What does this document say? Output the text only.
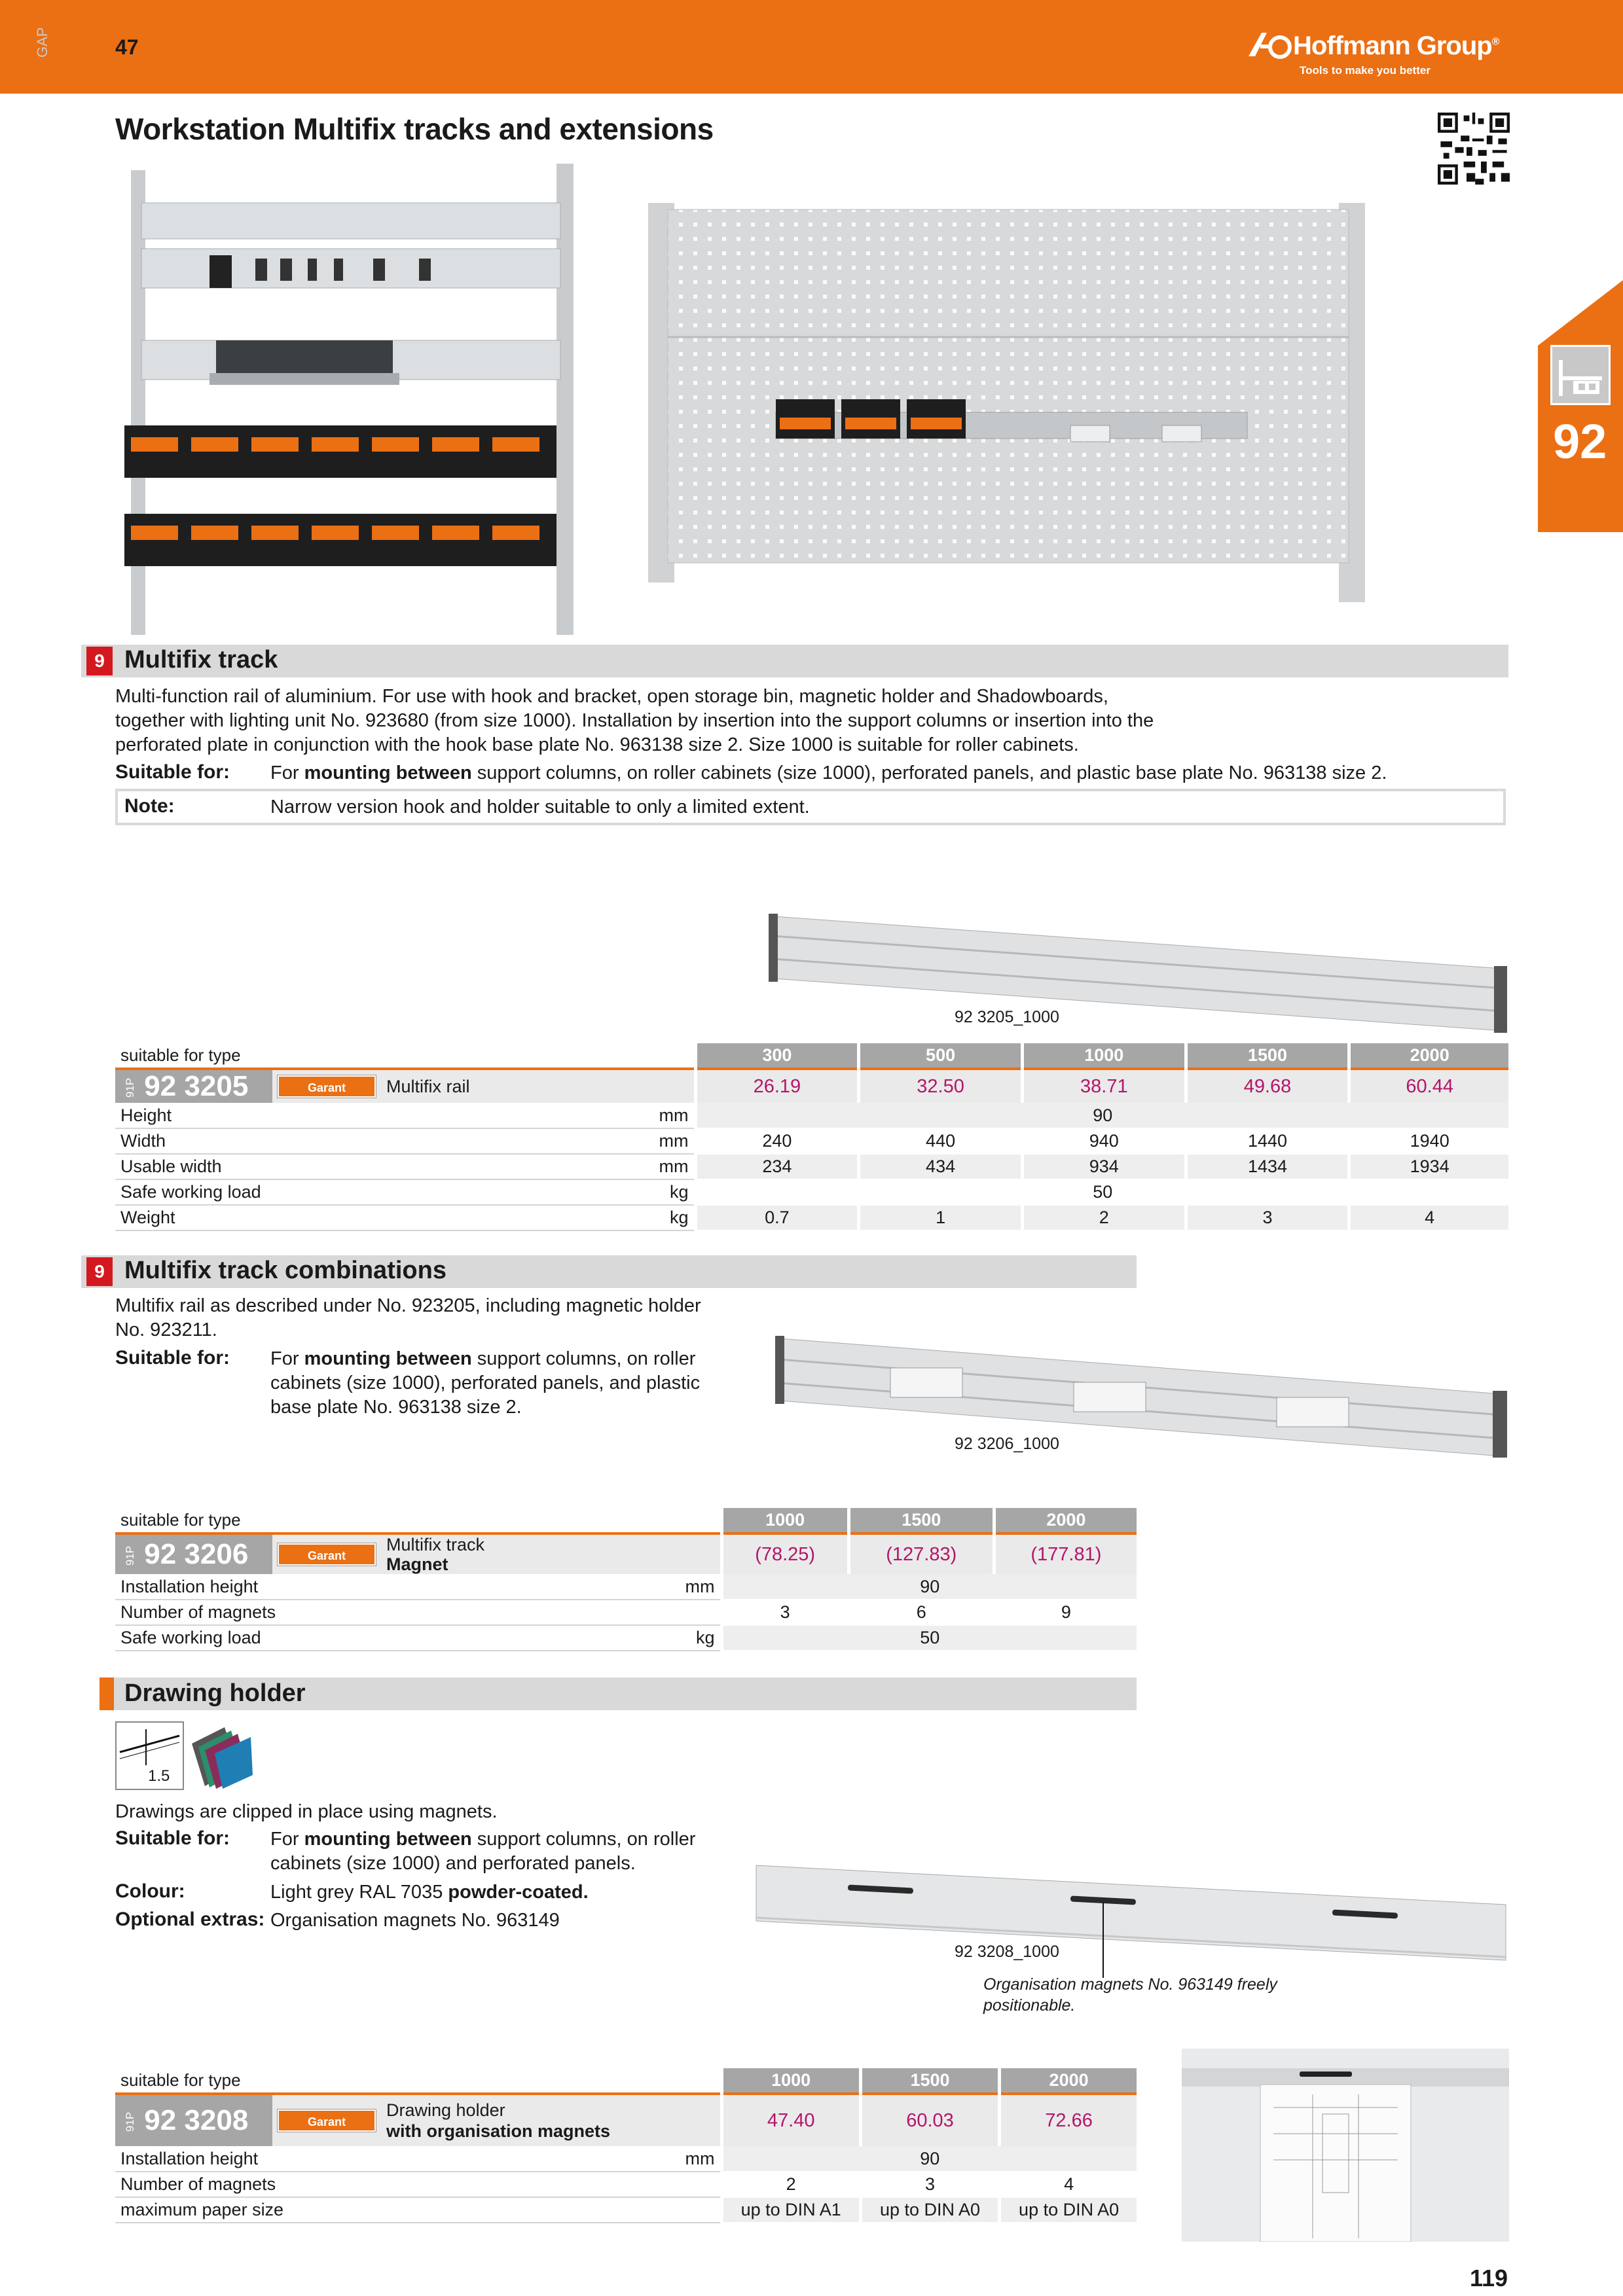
GAP	47	Hoffmann Group®
Tools to make you better
Workstation Multifix tracks and extensions
92
9 Multifix track
Multi-function rail of aluminium. For use with hook and bracket, open storage bin, magnetic holder and Shadowboards,
together with lighting unit No. 923680 (from size 1000). Installation by insertion into the support columns or insertion into the
perforated plate in conjunction with the hook base plate No. 963138 size 2. Size 1000 is suitable for roller cabinets.
Suitable for: For mounting between support columns, on roller cabinets (size 1000), perforated panels, and plastic base plate No. 963138 size 2.
Note:	Narrow version hook and holder suitable to only a limited extent.
92 3205_1000
suitable for type				300	500	1000	1500	2000
91P 92 3205	Garant	Multifix rail		26.19	32.50	38.71	49.68	60.44
Height			mm	90				
Width			mm	240	440	940	1440	1940
Usable width			mm	234	434	934	1434	1934
Safe working load			kg	50				
Weight			kg	0.7	1	2	3	4
9 Multifix track combinations
Multifix rail as described under No. 923205, including magnetic holder
No. 923211.
Suitable for: For mounting between support columns, on roller
cabinets (size 1000), perforated panels, and plastic
base plate No. 963138 size 2.
92 3206_1000
suitable for type				1000	1500	2000
91P 92 3206	Garant	Multifix track
Magnet		(78.25)	(127.83)	(177.81)
Installation height			mm	90		
Number of magnets				3	6	9
Safe working load			kg	50		
Drawing holder
1.5
Drawings are clipped in place using magnets.
Suitable for: For mounting between support columns, on roller
cabinets (size 1000) and perforated panels.
Colour:	Light grey RAL 7035 powder-coated.
Optional extras: Organisation magnets No. 963149
92 3208_1000
Organisation magnets No. 963149 freely
positionable.
suitable for type				1000	1500	2000
91P 92 3208	Garant	Drawing holder
with organisation magnets		47.40	60.03	72.66
Installation height			mm	90		
Number of magnets				2	3	4
maximum paper size				up to DIN A1	up to DIN A0	up to DIN A0
119
